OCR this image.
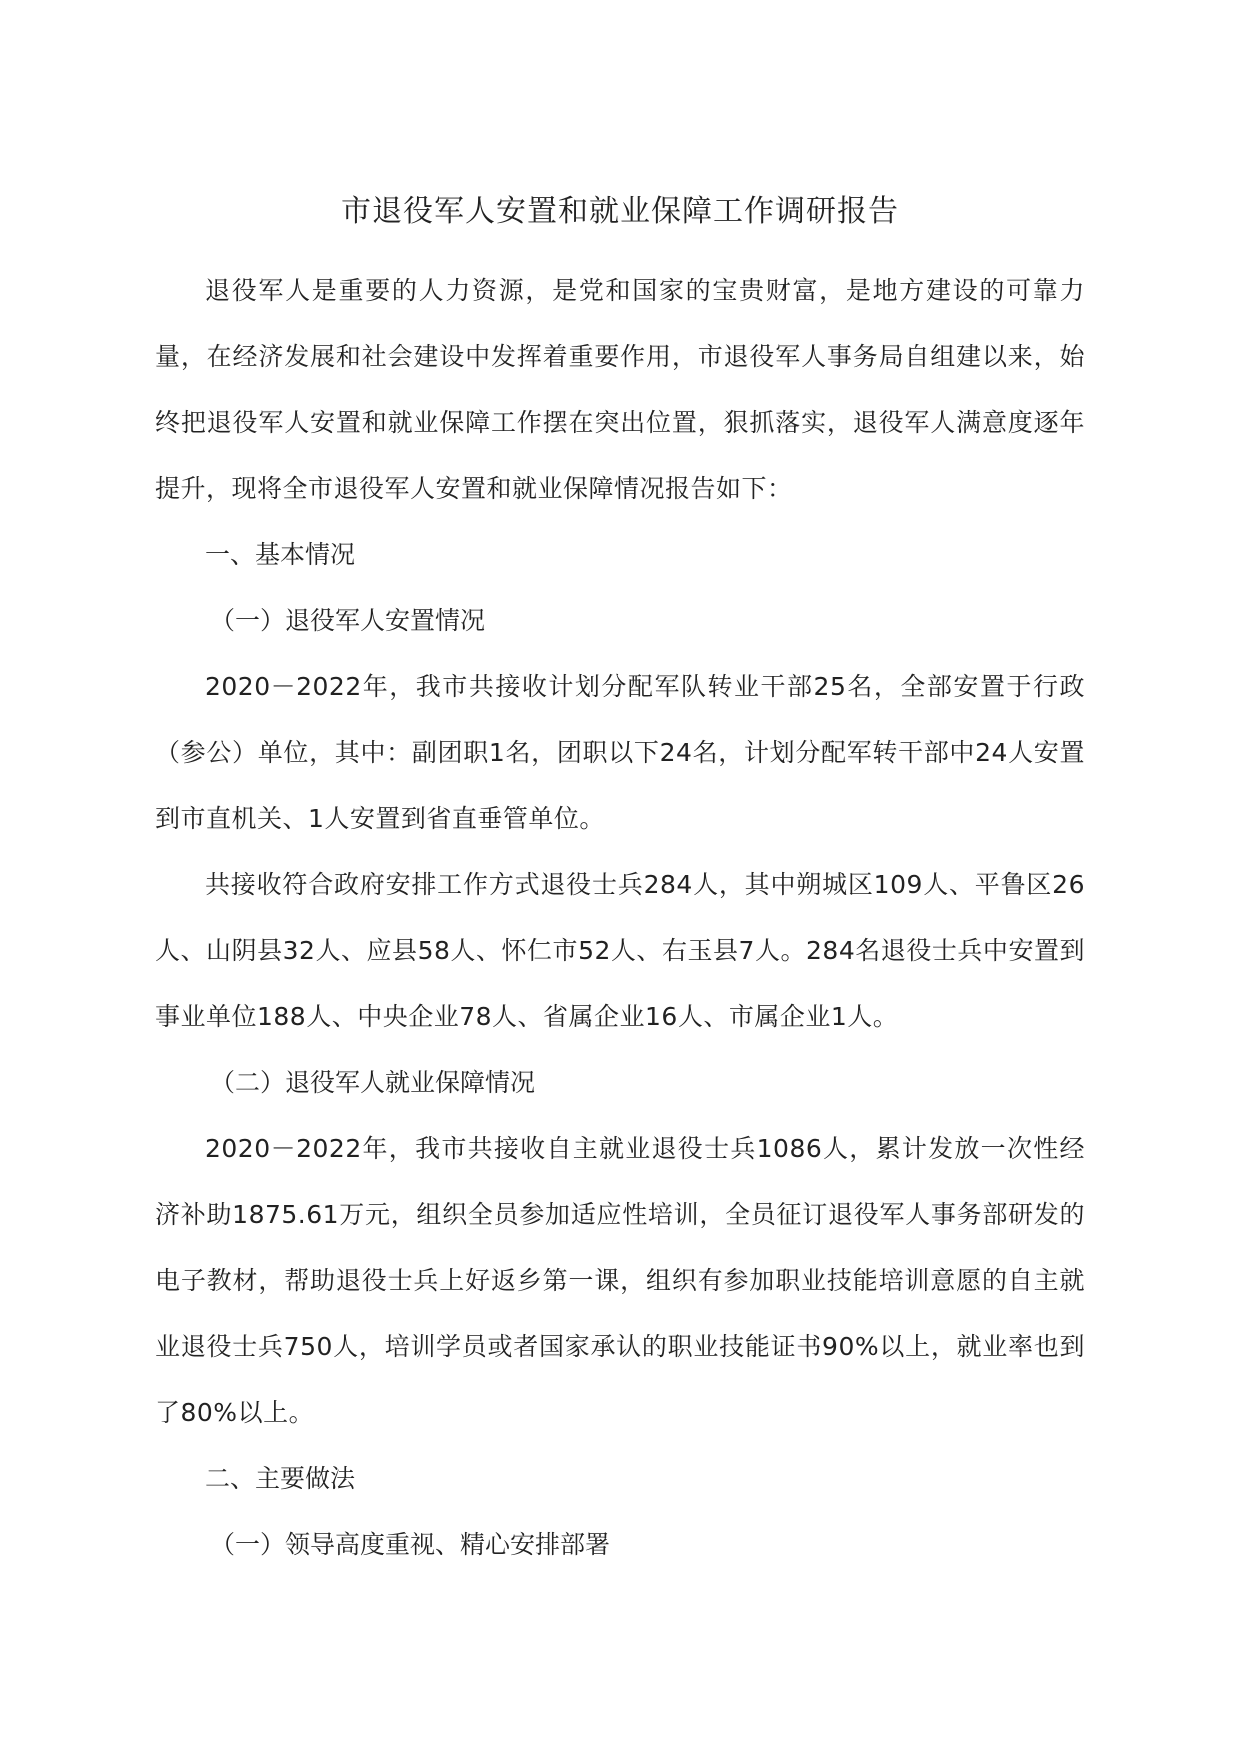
市退役军人安置和就业保障工作调研报告

退役军人是重要的人力资源，是党和国家的宝贵财富，是地方建设的可靠力量，在经济发展和社会建设中发挥着重要作用，市退役军人事务局自组建以来，始终把退役军人安置和就业保障工作摆在突出位置，狠抓落实，退役军人满意度逐年提升，现将全市退役军人安置和就业保障情况报告如下：

一、基本情况

（一）退役军人安置情况

2020－2022年，我市共接收计划分配军队转业干部25名，全部安置于行政（参公）单位，其中：副团职1名，团职以下24名，计划分配军转干部中24人安置到市直机关、1人安置到省直垂管单位。

共接收符合政府安排工作方式退役士兵284人，其中朔城区109人、平鲁区26人、山阴县32人、应县58人、怀仁市52人、右玉县7人。284名退役士兵中安置到事业单位188人、中央企业78人、省属企业16人、市属企业1人。

（二）退役军人就业保障情况

2020－2022年，我市共接收自主就业退役士兵1086人，累计发放一次性经济补助1875.61万元，组织全员参加适应性培训，全员征订退役军人事务部研发的电子教材，帮助退役士兵上好返乡第一课，组织有参加职业技能培训意愿的自主就业退役士兵750人，培训学员或者国家承认的职业技能证书90%以上，就业率也到了80%以上。

二、主要做法

（一）领导高度重视、精心安排部署
